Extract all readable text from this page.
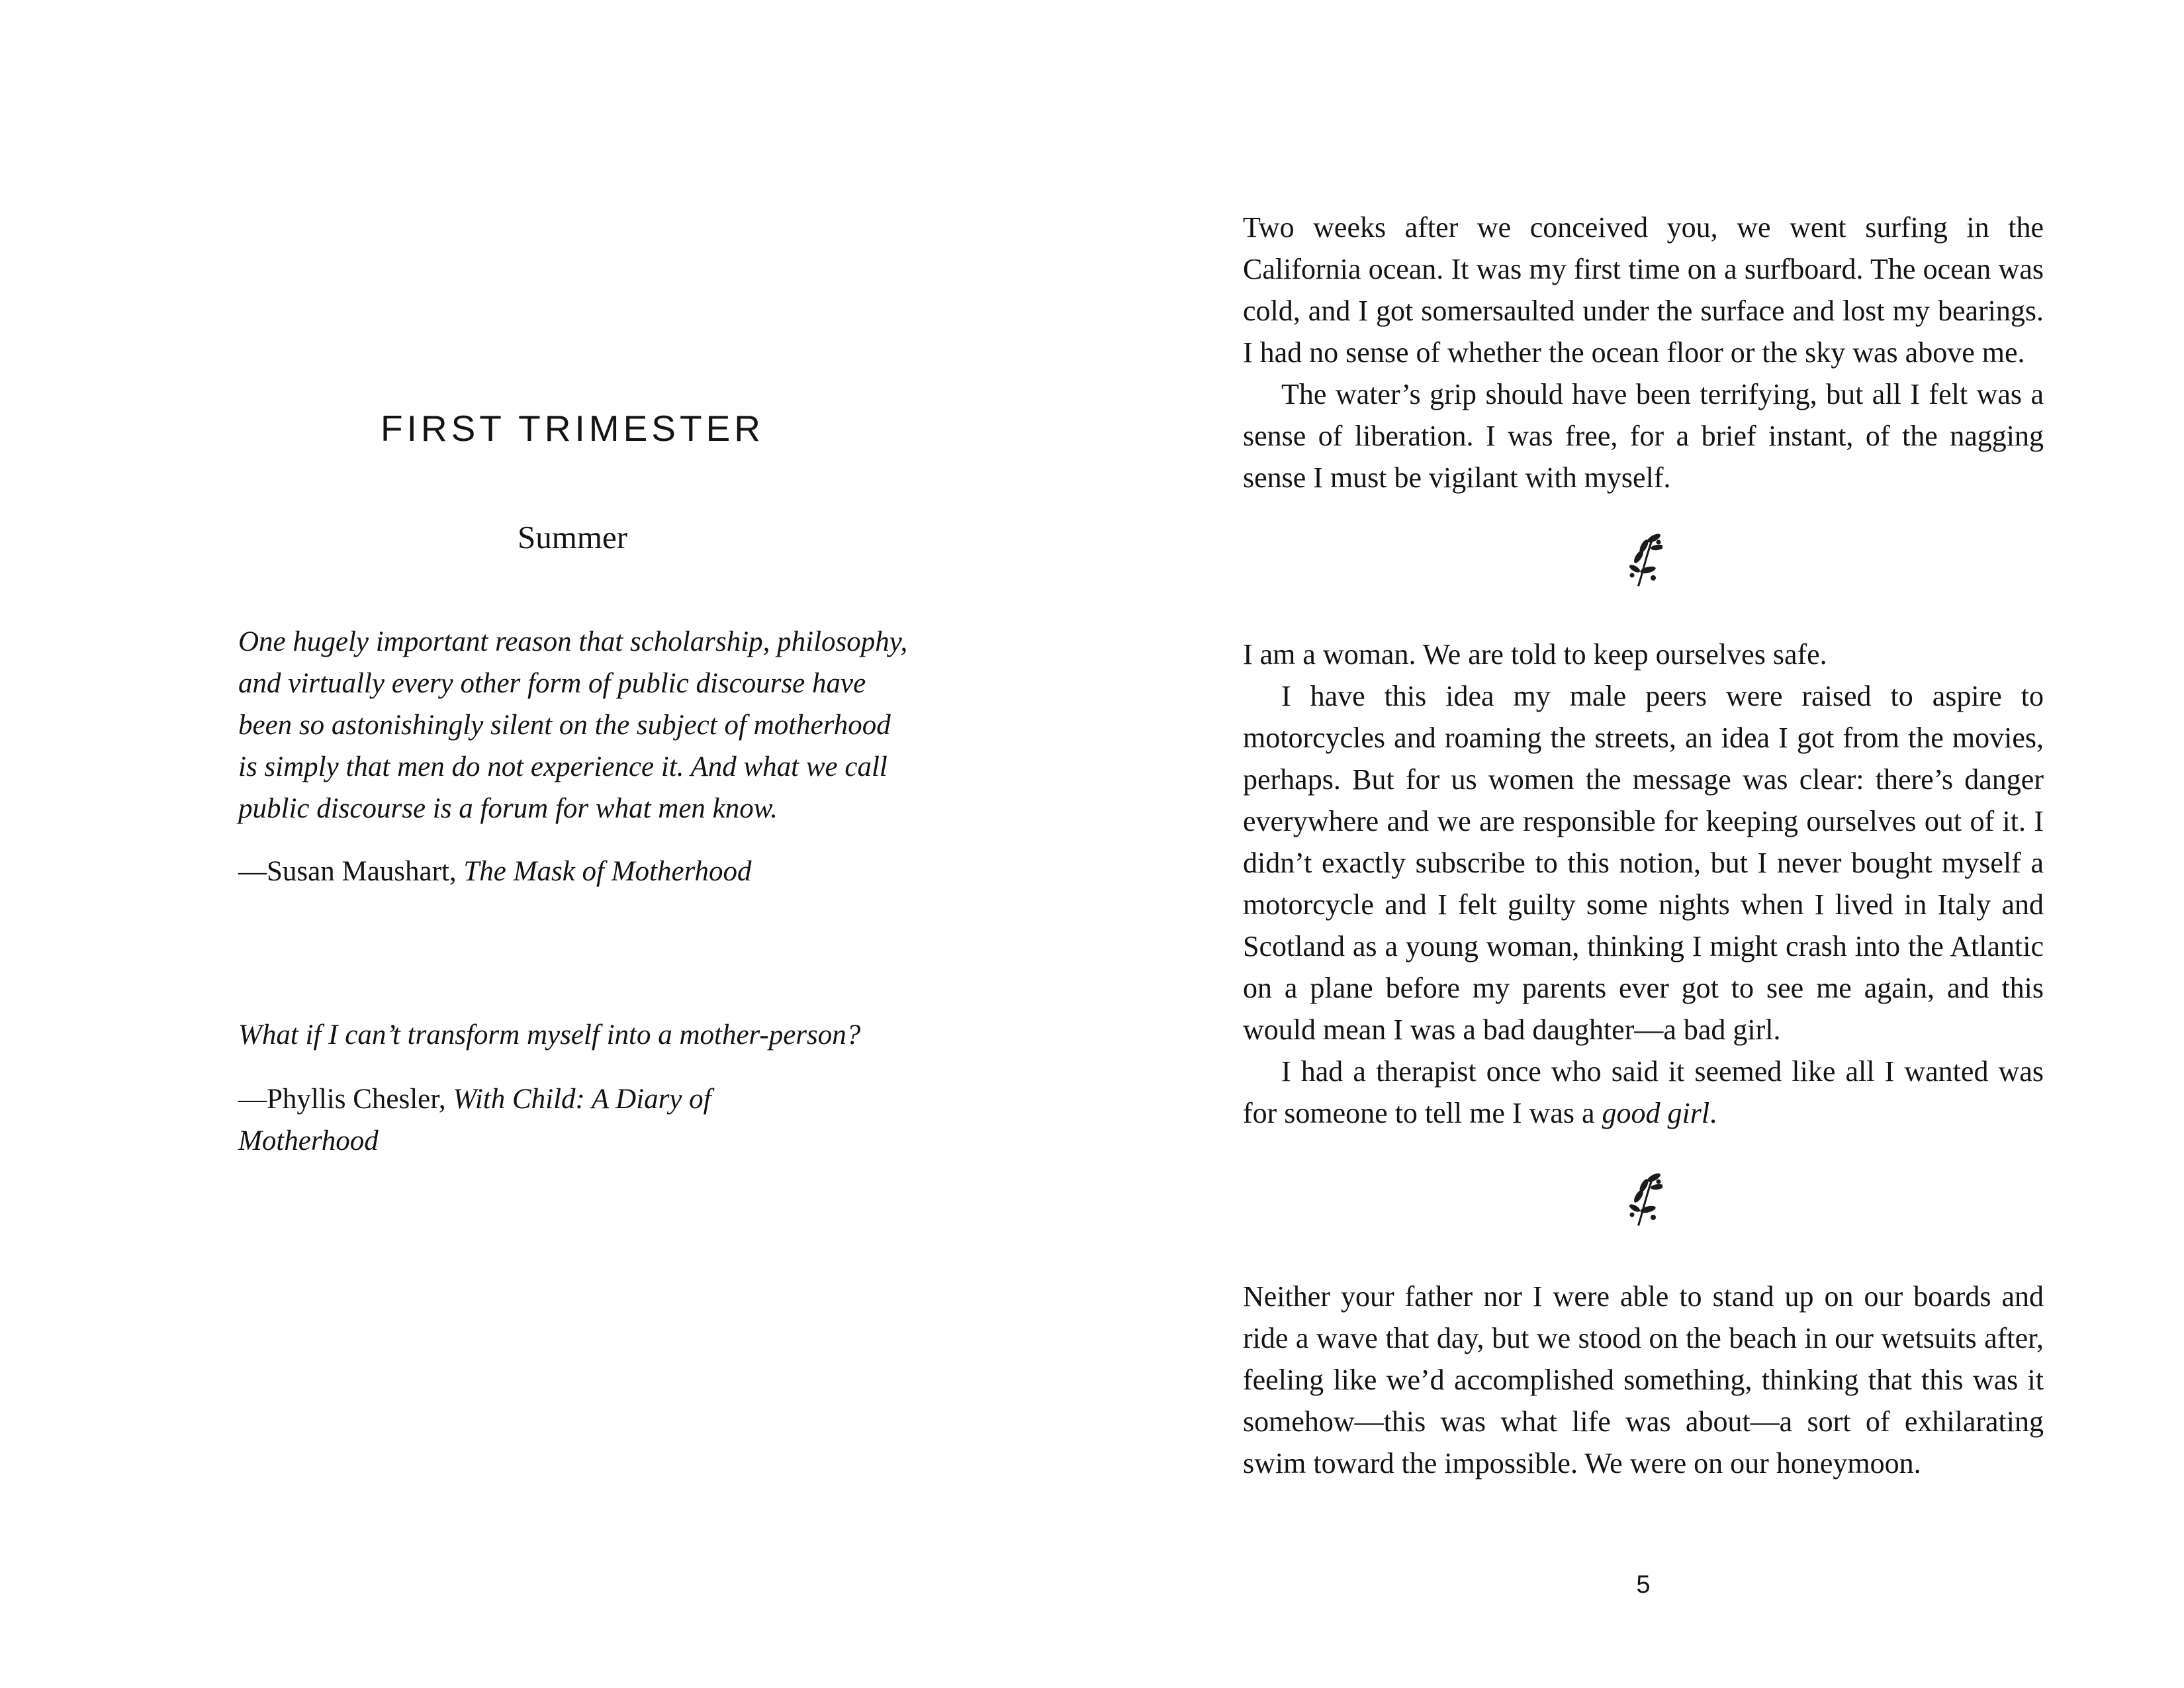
FIRST TRIMESTER
Summer
One hugely important reason that scholarship, philosophy, and virtually every other form of public discourse have been so astonishingly silent on the subject of motherhood is simply that men do not experience it. And what we call public discourse is a forum for what men know.
—Susan Maushart, The Mask of Motherhood
What if I can’t transform myself into a mother-person?
—Phyllis Chesler, With Child: A Diary of Motherhood

Two weeks after we conceived you, we went surfing in the California ocean. It was my first time on a surfboard. The ocean was cold, and I got somersaulted under the surface and lost my bearings. I had no sense of whether the ocean floor or the sky was above me.

The water’s grip should have been terrifying, but all I felt was a sense of liberation. I was free, for a brief instant, of the nagging sense I must be vigilant with myself.

I am a woman. We are told to keep ourselves safe.

I have this idea my male peers were raised to aspire to motorcycles and roaming the streets, an idea I got from the movies, perhaps. But for us women the message was clear: there’s danger everywhere and we are responsible for keeping ourselves out of it. I didn’t exactly subscribe to this notion, but I never bought myself a motorcycle and I felt guilty some nights when I lived in Italy and Scotland as a young woman, thinking I might crash into the Atlantic on a plane before my parents ever got to see me again, and this would mean I was a bad daughter—a bad girl.

I had a therapist once who said it seemed like all I wanted was for someone to tell me I was a good girl.

Neither your father nor I were able to stand up on our boards and ride a wave that day, but we stood on the beach in our wetsuits after, feeling like we’d accomplished something, thinking that this was it somehow—this was what life was about—a sort of exhilarating swim toward the impossible. We were on our honeymoon.

5
